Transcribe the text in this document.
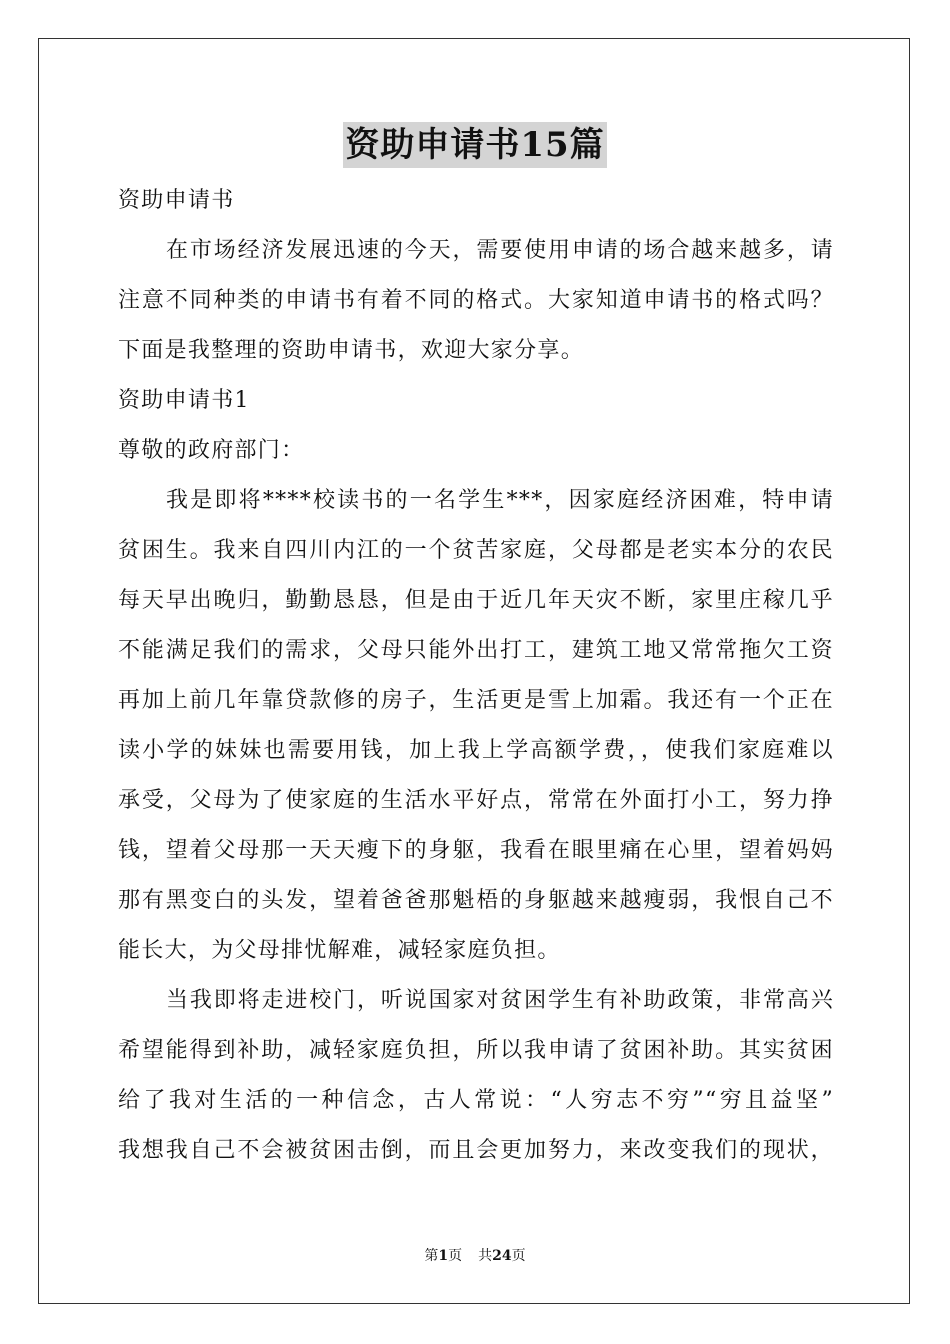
资助申请书15篇
资助申请书
在市场经济发展迅速的今天，需要使用申请的场合越来越多，请
注意不同种类的申请书有着不同的格式。大家知道申请书的格式吗？
下面是我整理的资助申请书，欢迎大家分享。
资助申请书1
尊敬的政府部门：
我是即将****校读书的一名学生***，因家庭经济困难，特申请
贫困生。我来自四川内江的一个贫苦家庭，父母都是老实本分的农民
每天早出晚归，勤勤恳恳，但是由于近几年天灾不断，家里庄稼几乎
不能满足我们的需求，父母只能外出打工，建筑工地又常常拖欠工资
再加上前几年靠贷款修的房子，生活更是雪上加霜。我还有一个正在
读小学的妹妹也需要用钱，加上我上学高额学费，，使我们家庭难以
承受，父母为了使家庭的生活水平好点，常常在外面打小工，努力挣
钱，望着父母那一天天瘦下的身躯，我看在眼里痛在心里，望着妈妈
那有黑变白的头发，望着爸爸那魁梧的身躯越来越瘦弱，我恨自己不
能长大，为父母排忧解难，减轻家庭负担。
当我即将走进校门，听说国家对贫困学生有补助政策，非常高兴
希望能得到补助，减轻家庭负担，所以我申请了贫困补助。其实贫困
给了我对生活的一种信念，古人常说：“人穷志不穷”“穷且益坚”
我想我自己不会被贫困击倒，而且会更加努力，来改变我们的现状，
第1页 共24页
